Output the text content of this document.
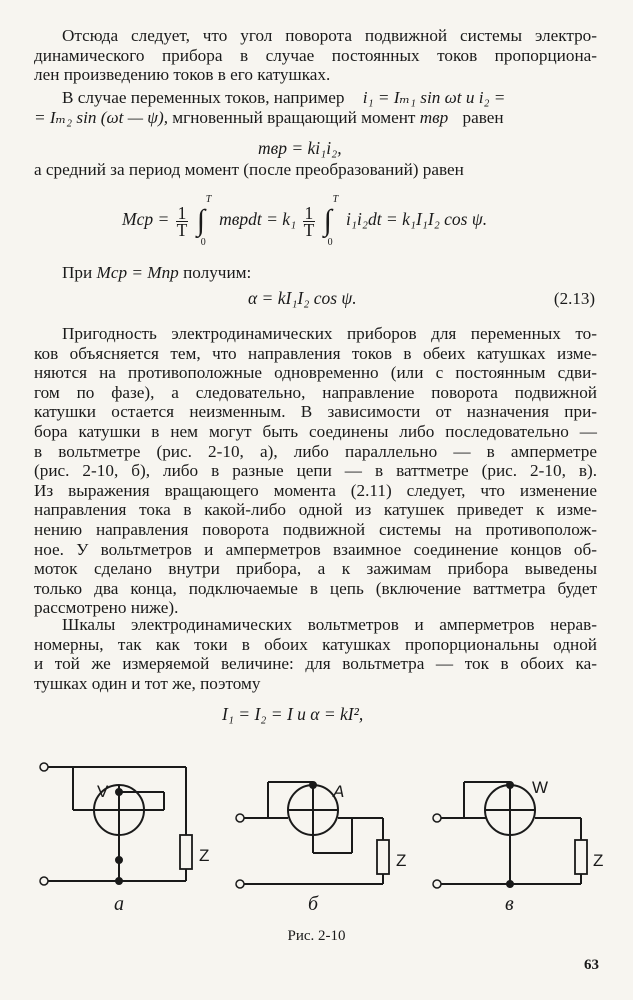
Отсюда следует, что угол поворота подвижной системы электро-
динамического прибора в случае постоянных токов пропорциона-
лен произведению токов в его катушках.
В случае переменных токов, например i₁ = Iₘ₁ sin ωt и i₂ =
= Iₘ₂ sin (ωt — ψ), мгновенный вращающий момент mвр равен
mвр = ki₁i₂,
а средний за период момент (после преобразований) равен
Mср = $\frac{1}{T}$ ∫
T
0
mврdt = $k_1 \frac{1}{T}$ ∫
T
0
i₁i₂dt = k₁I₁I₂ cos ψ.
При Mср = Mпр получим:
α = kI₁I₂ cos ψ.	(2.13)
Пригодность электродинамических приборов для переменных то-
ков объясняется тем, что направления токов в обеих катушках изме-
няются на противоположные одновременно (или с постоянным сдви-
гом по фазе), а следовательно, направление поворота подвижной
катушки остается неизменным. В зависимости от назначения при-
бора катушки в нем могут быть соединены либо последовательно —
в вольтметре (рис. 2-10, а), либо параллельно — в амперметре
(рис. 2-10, б), либо в разные цепи — в ваттметре (рис. 2-10, в).
Из выражения вращающего момента (2.11) следует, что изменение
направления тока в какой-либо одной из катушек приведет к изме-
нению направления поворота подвижной системы на противополож-
ное. У вольтметров и амперметров взаимное соединение концов об-
моток сделано внутри прибора, а к зажимам прибора выведены
только два конца, подключаемые в цепь (включение ваттметра будет
рассмотрено ниже).
Шкалы электродинамических вольтметров и амперметров нерав-
номерны, так как токи в обоих катушках пропорциональны одной
и той же измеряемой величине: для вольтметра — ток в обоих ка-
тушках один и тот же, поэтому
I₁ = I₂ = I и α = kI²,
V	A	W
Z	Z	Z
а	б	в
Рис. 2-10
63
